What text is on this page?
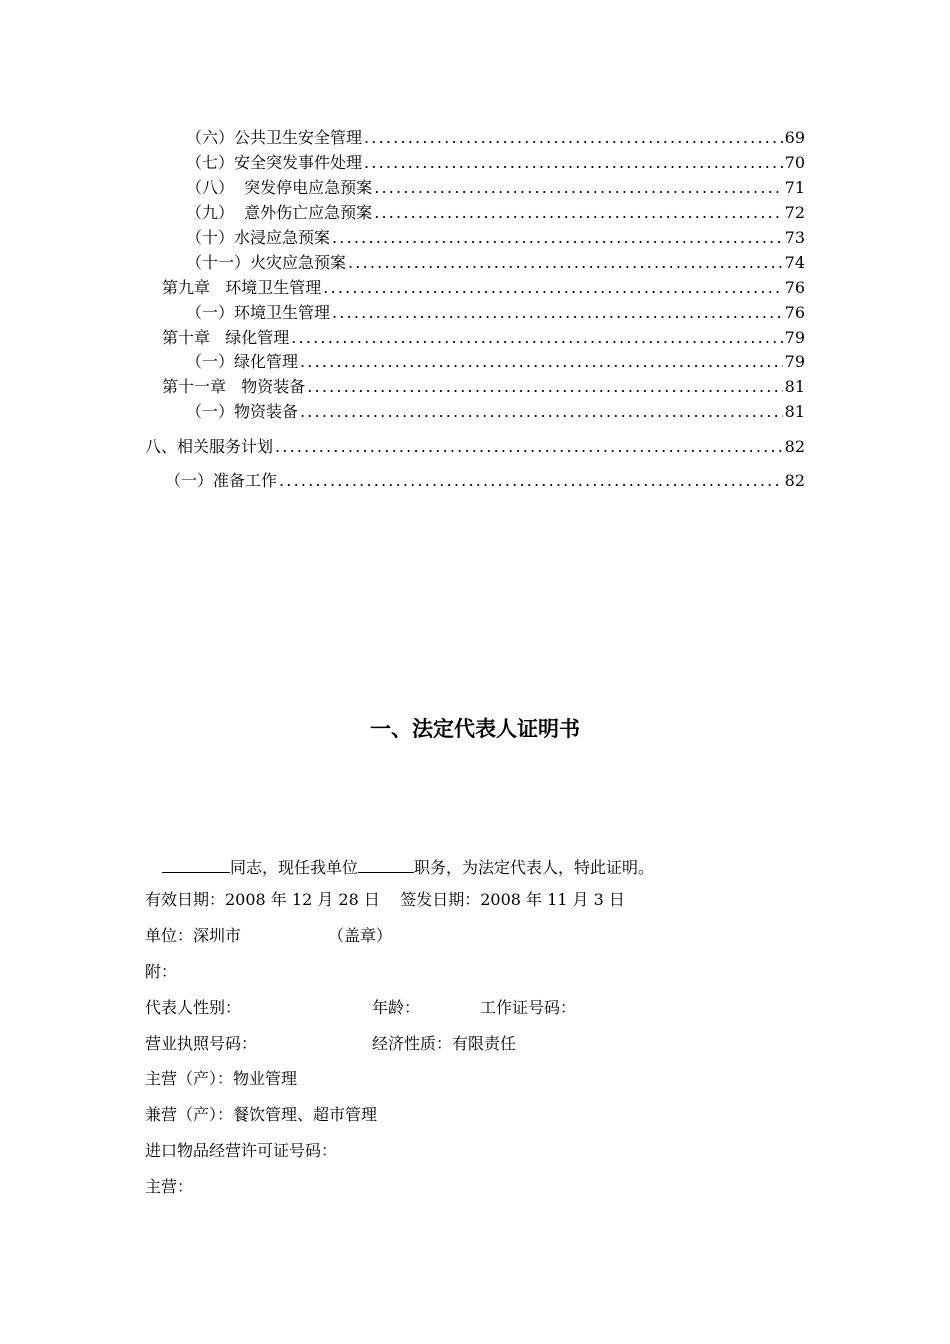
（六）公共卫生安全管理 .....	69
（七）安全突发事件处理 .....	70
（八）  突发停电应急预案 .....	71
（九）  意外伤亡应急预案 .....	72
（十）水浸应急预案 .....	73
（十一）火灾应急预案 .....	74
第九章   环境卫生管理 .....	76
（一）环境卫生管理 .....	76
第十章   绿化管理 .....	79
（一）绿化管理 .....	79
第十一章   物资装备 .....	81
（一）物资装备 .....	81
八、相关服务计划 .....	82
（一）准备工作 .....	82
一、法定代表人证明书
同志，现任我单位	职务，为法定代表人，特此证明。
有效日期：2008 年 12 月 28 日    签发日期：2008 年 11 月 3 日
单位：深圳市	（盖章）
附：
代表人性别：	年龄：	工作证号码：
营业执照号码：	经济性质：有限责任
主营（产）：物业管理
兼营（产）：餐饮管理、超市管理
进口物品经营许可证号码：
主营：
